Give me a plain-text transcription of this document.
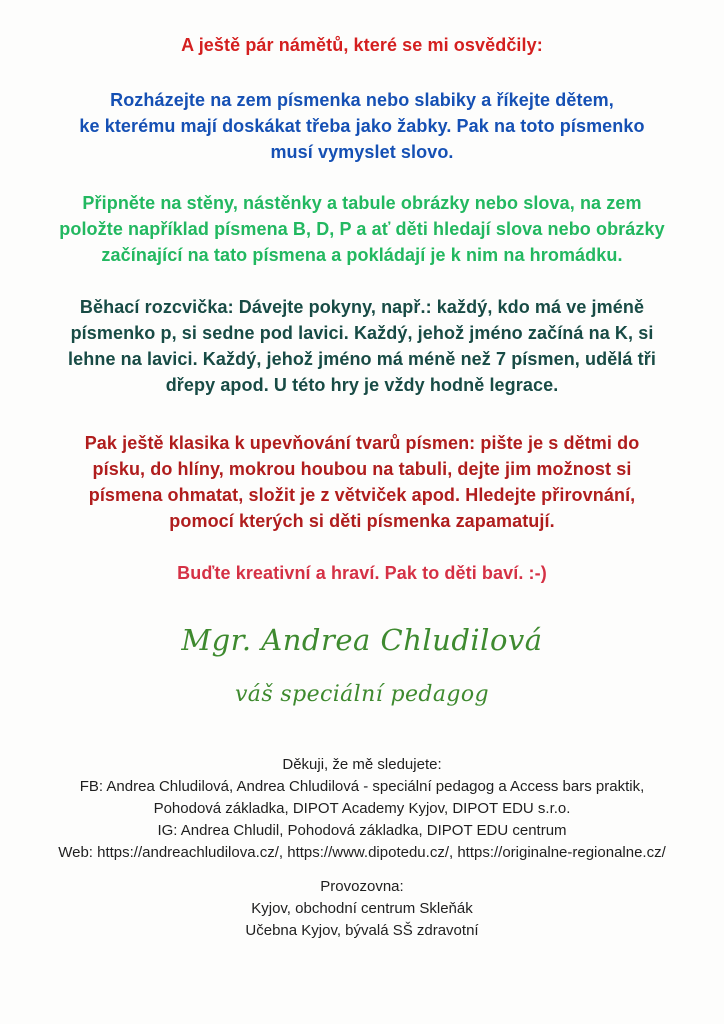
A ještě pár námětů, které se mi osvědčily:
Rozházejte na zem písmenka nebo slabiky a říkejte dětem,
ke kterému mají doskákat třeba jako žabky. Pak na toto písmenko
musí vymyslet slovo.
Připněte na stěny, nástěnky a tabule obrázky nebo slova, na zem
položte například písmena B, D, P a ať děti hledají slova nebo obrázky
začínající na tato písmena a pokládají je k nim na hromádku.
Běhací rozcvička: Dávejte pokyny, např.: každý, kdo má ve jméně
písmenko p, si sedne pod lavici. Každý, jehož jméno začíná na K, si
lehne na lavici. Každý, jehož jméno má méně než 7 písmen, udělá tři
dřepy apod. U této hry je vždy hodně legrace.
Pak ještě klasika k upevňování tvarů písmen: pište je s dětmi do
písku, do hlíny, mokrou houbou na tabuli, dejte jim možnost si
písmena ohmatat, složit je z větviček apod. Hledejte přirovnání,
pomocí kterých si děti písmenka zapamatují.
Buďte kreativní a hraví. Pak to děti baví. :-)
Mgr. Andrea Chludilová
váš speciální pedagog
Děkuji, že mě sledujete:
FB: Andrea Chludilová, Andrea Chludilová - speciální pedagog a Access bars praktik,
Pohodová základka, DIPOT Academy Kyjov, DIPOT EDU s.r.o.
IG: Andrea Chludil, Pohodová základka, DIPOT EDU centrum
Web: https://andreachludilova.cz/, https://www.dipotedu.cz/, https://originalne-regionalne.cz/
Provozovna:
Kyjov, obchodní centrum Skleňák
Učebna Kyjov, bývalá SŠ zdravotní
